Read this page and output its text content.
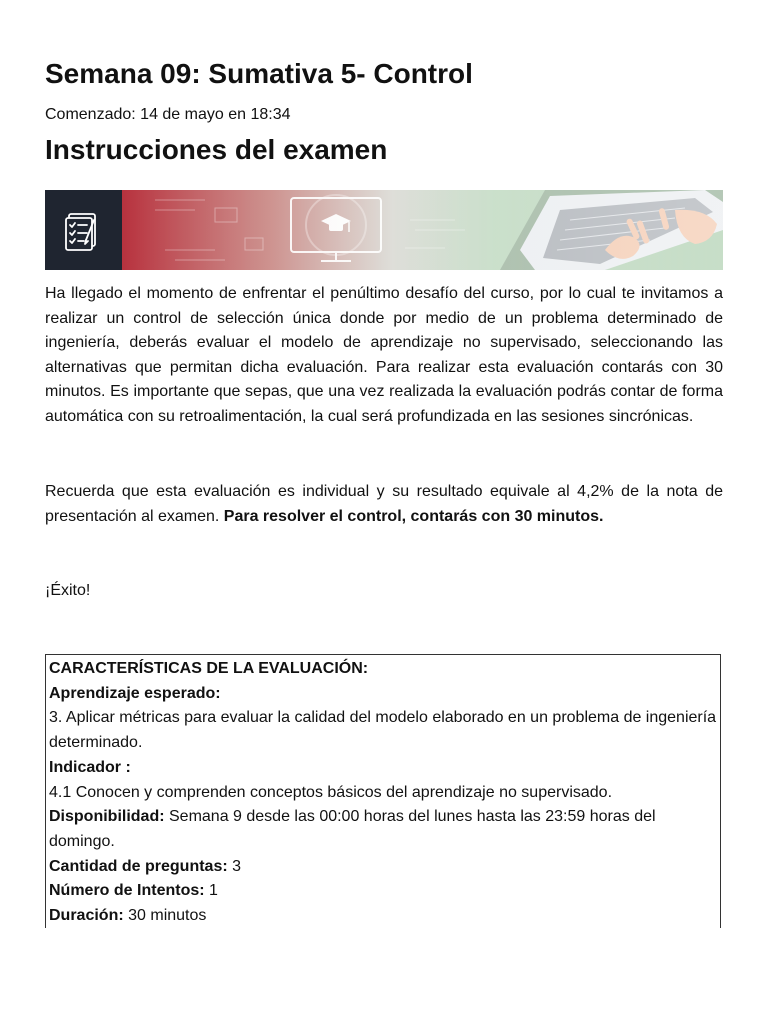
Semana 09: Sumativa 5- Control
Comenzado: 14 de mayo en 18:34
Instrucciones del examen

Ha llegado el momento de enfrentar el penúltimo desafío del curso, por lo cual te invitamos a realizar un control de selección única donde por medio de un problema determinado de ingeniería, deberás evaluar el modelo de aprendizaje no supervisado, seleccionando las alternativas que permitan dicha evaluación. Para realizar esta evaluación contarás con 30 minutos. Es importante que sepas, que una vez realizada la evaluación podrás contar de forma automática con su retroalimentación, la cual será profundizada en las sesiones sincrónicas.

Recuerda que esta evaluación es individual y su resultado equivale al 4,2% de la nota de presentación al examen. Para resolver el control, contarás con 30 minutos.

¡Éxito!

CARACTERÍSTICAS DE LA EVALUACIÓN:
Aprendizaje esperado:
3. Aplicar métricas para evaluar la calidad del modelo elaborado en un problema de ingeniería determinado.
Indicador :
4.1 Conocen y comprenden conceptos básicos del aprendizaje no supervisado.
Disponibilidad: Semana 9 desde las 00:00 horas del lunes hasta las 23:59 horas del domingo.
Cantidad de preguntas: 3
Número de Intentos: 1
Duración: 30 minutos
